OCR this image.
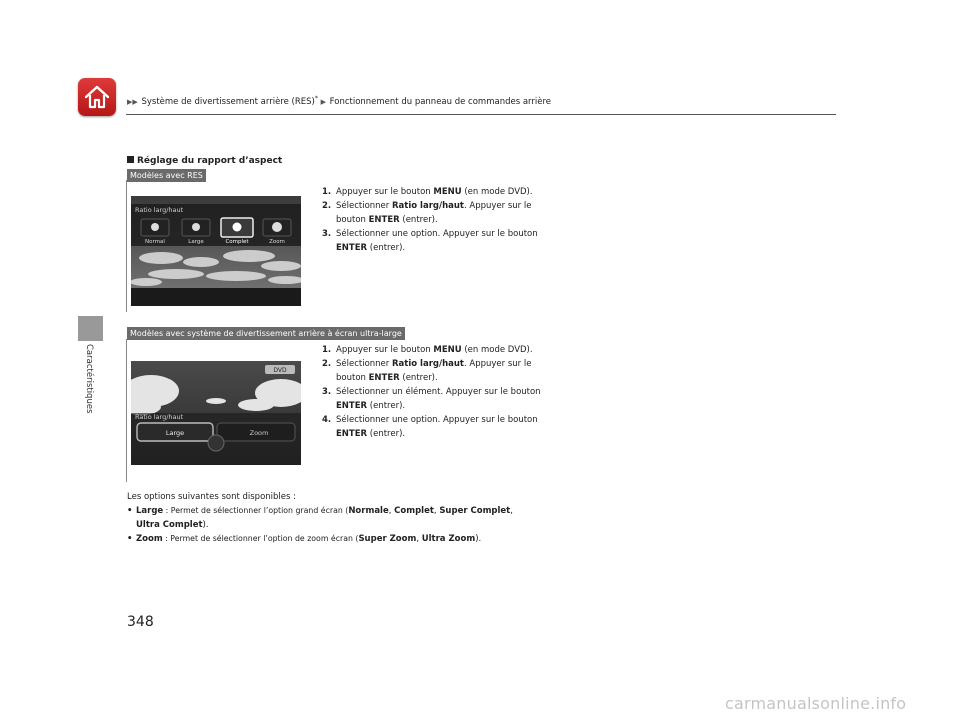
▶▶ Système de divertissement arrière (RES)* ▶ Fonctionnement du panneau de commandes arrière
Caractéristiques
Réglage du rapport d’aspect
Modèles avec RES
Ratio larg/haut
Normal	Large	Complet	Zoom
1. Appuyer sur le bouton MENU (en mode DVD).
2. Sélectionner Ratio larg/haut. Appuyer sur le bouton ENTER (entrer).
3. Sélectionner une option. Appuyer sur le bouton ENTER (entrer).
Modèles avec système de divertissement arrière à écran ultra-large
DVD
Ratio larg/haut
Large	Zoom
1. Appuyer sur le bouton MENU (en mode DVD).
2. Sélectionner Ratio larg/haut. Appuyer sur le bouton ENTER (entrer).
3. Sélectionner un élément. Appuyer sur le bouton ENTER (entrer).
4. Sélectionner une option. Appuyer sur le bouton ENTER (entrer).
Les options suivantes sont disponibles :
• Large : Permet de sélectionner l’option grand écran (Normale, Complet, Super Complet,
Ultra Complet).
• Zoom : Permet de sélectionner l’option de zoom écran (Super Zoom, Ultra Zoom).
348
carmanualsonline.info
